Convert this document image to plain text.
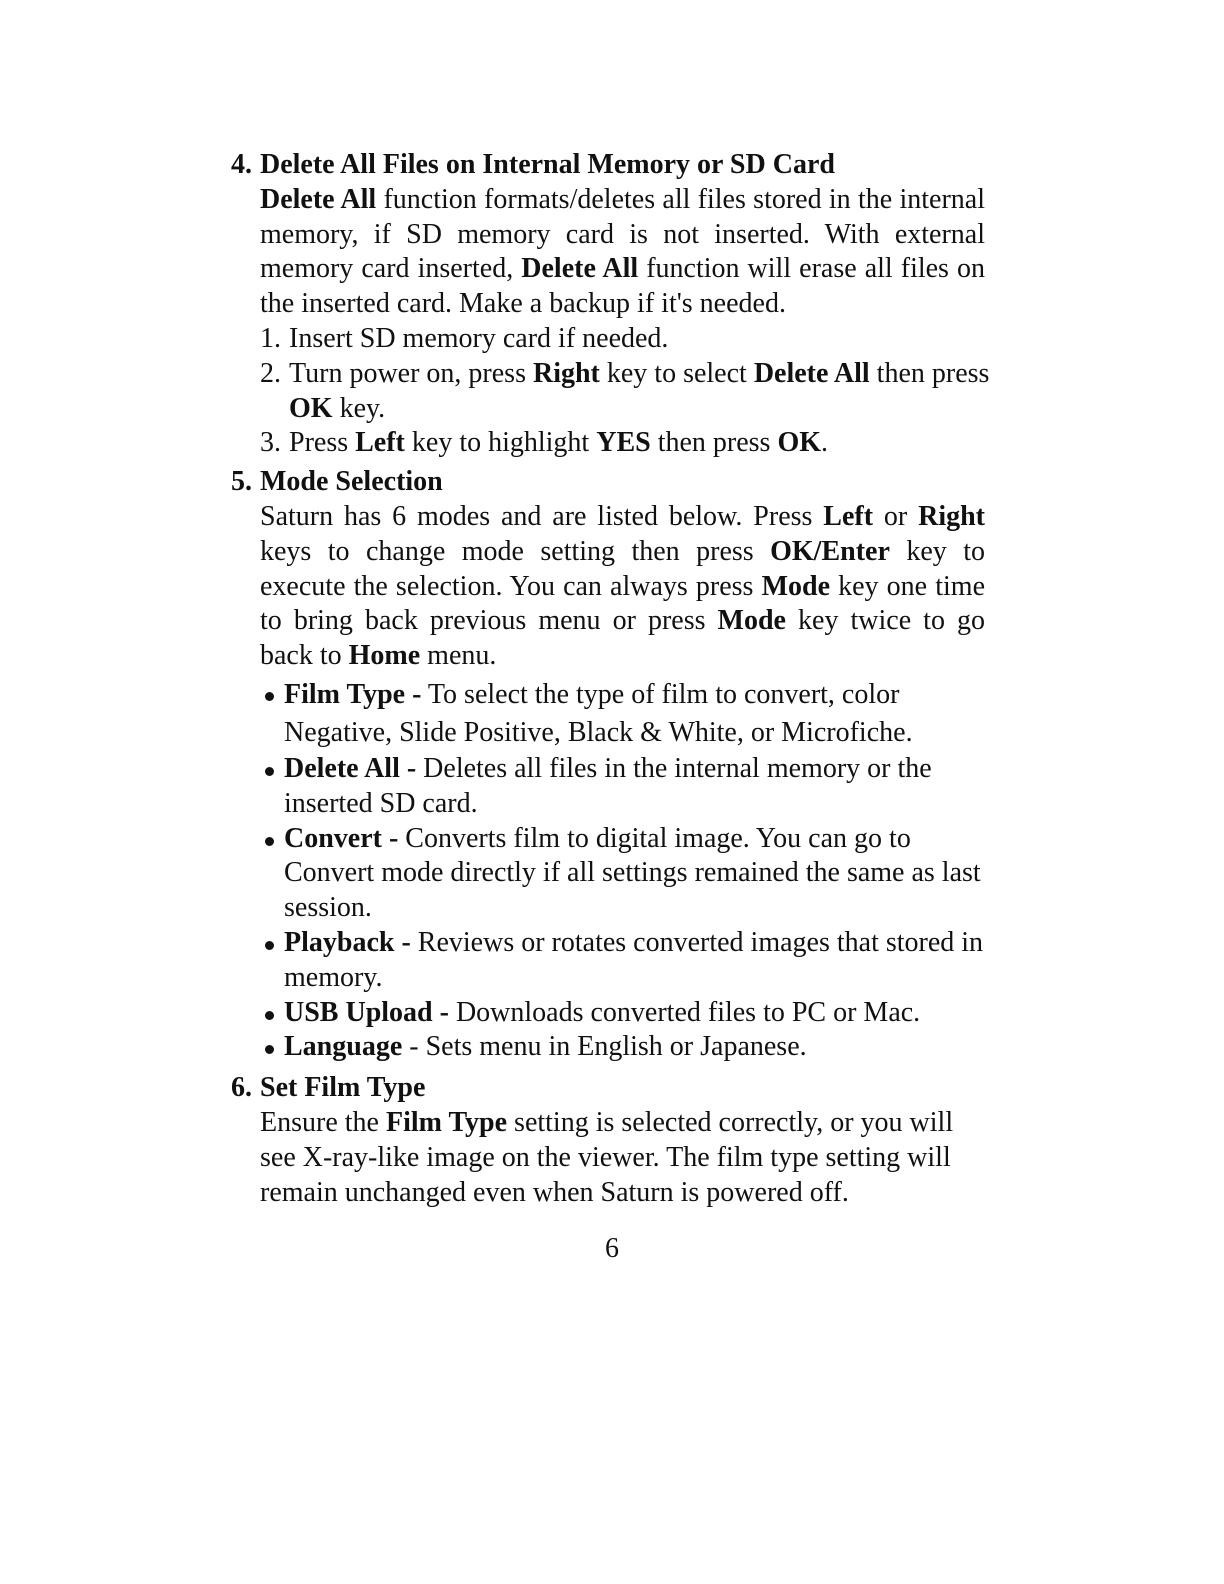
4. Delete All Files on Internal Memory or SD Card

Delete All function formats/deletes all files stored in the internal memory, if SD memory card is not inserted. With external memory card inserted, Delete All function will erase all files on the inserted card. Make a backup if it's needed.

1. Insert SD memory card if needed.
2. Turn power on, press Right key to select Delete All then press OK key.
3. Press Left key to highlight YES then press OK.
5. Mode Selection

Saturn has 6 modes and are listed below. Press Left or Right keys to change mode setting then press OK/Enter key to execute the selection. You can always press Mode key one time to bring back previous menu or press Mode key twice to go back to Home menu.

Film Type - To select the type of film to convert, color Negative, Slide Positive, Black & White, or Microfiche.
Delete All - Deletes all files in the internal memory or the inserted SD card.
Convert - Converts film to digital image. You can go to Convert mode directly if all settings remained the same as last session.
Playback - Reviews or rotates converted images that stored in memory.
USB Upload - Downloads converted files to PC or Mac.
Language - Sets menu in English or Japanese.
6. Set Film Type

Ensure the Film Type setting is selected correctly, or you will see X-ray-like image on the viewer. The film type setting will remain unchanged even when Saturn is powered off.

6
